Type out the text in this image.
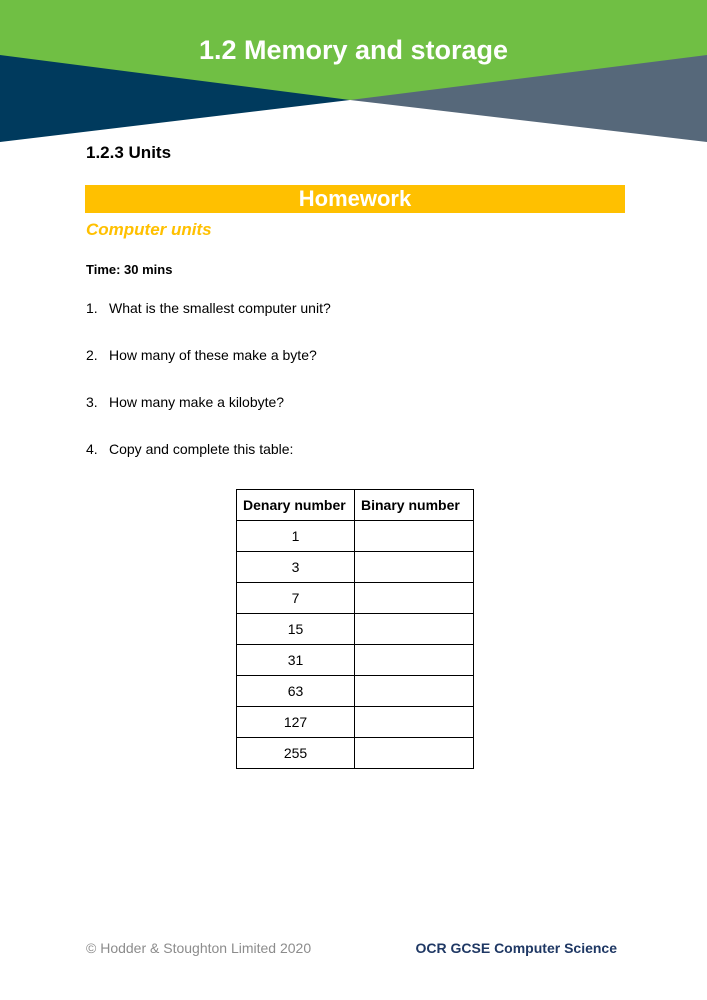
1.2 Memory and storage
1.2.3 Units
Homework
Computer units
Time: 30 mins
1. What is the smallest computer unit?
2. How many of these make a byte?
3. How many make a kilobyte?
4. Copy and complete this table:
Denary number	Binary number
1	
3	
7	
15	
31	
63	
127	
255	
© Hodder & Stoughton Limited 2020	OCR GCSE Computer Science
